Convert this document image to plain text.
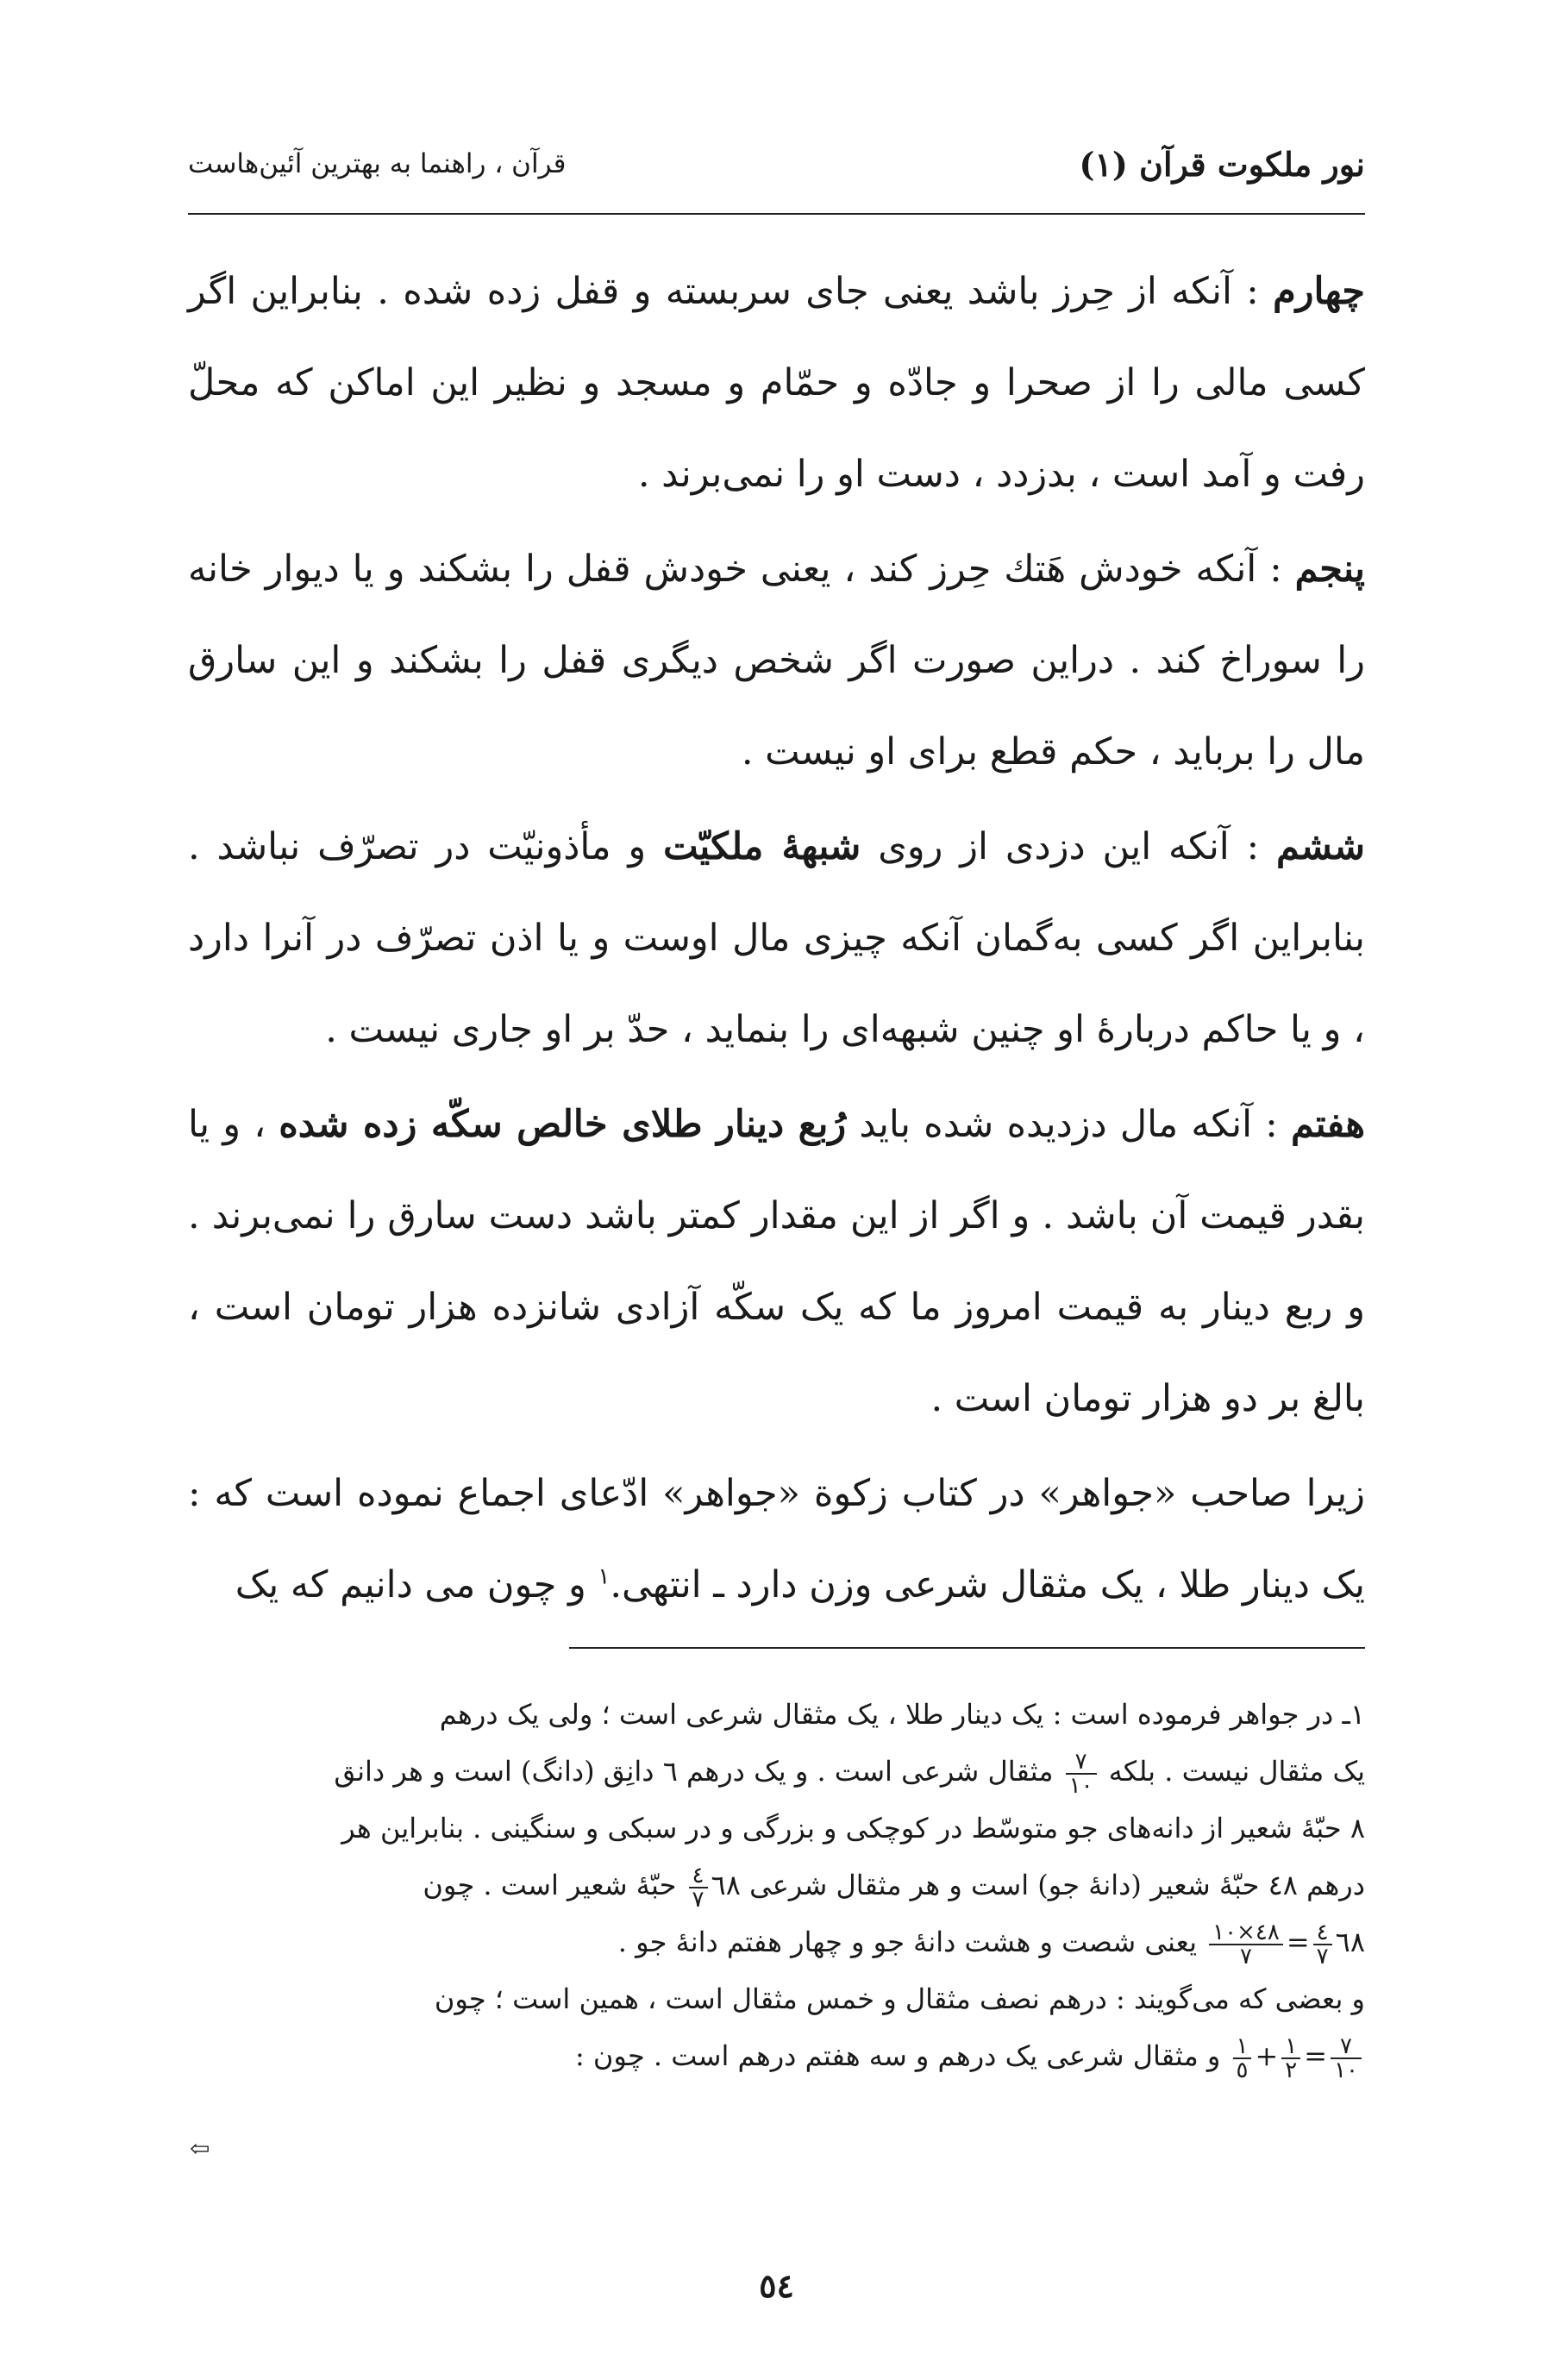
نور ملکوت قرآن (۱)
قرآن ، راهنما به بهترین آئین‌هاست

چهارم : آنکه از حِرز باشد یعنی جای سربسته و قفل زده شده . بنابراین اگر کسی مالی را از صحرا و جادّه و حمّام و مسجد و نظیر این اماکن که محلّ رفت و آمد است ، بدزدد ، دست او را نمی‌برند .

پنجم : آنکه خودش هَتك حِرز کند ، یعنی خودش قفل را بشکند و یا دیوار خانه را سوراخ کند . دراین صورت اگر شخص دیگری قفل را بشکند و این سارق مال را برباید ، حکم قطع برای او نیست .

ششم : آنکه این دزدی از روی شبههٔ ملکیّت و مأذونیّت در تصرّف نباشد . بنابراین اگر کسی به‌گمان آنکه چیزی مال اوست و یا اذن تصرّف در آنرا دارد ، و یا حاکم دربارهٔ او چنین شبهه‌ای را بنماید ، حدّ بر او جاری نیست .

هفتم : آنکه مال دزدیده شده باید رُبع دینار طلای خالص سکّه زده شده ، و یا بقدر قیمت آن باشد . و اگر از این مقدار کمتر باشد دست سارق را نمی‌برند . و ربع دینار به قیمت امروز ما که یک سکّه آزادی شانزده هزار تومان است ، بالغ بر دو هزار تومان است .

زیرا صاحب «جواهر» در کتاب زکوة «جواهر» ادّعای اجماع نموده است که : یک دینار طلا ، یک مثقال شرعی وزن دارد ـ انتهی.$^۱$ و چون می دانیم که یک

۱ـ در جواهر فرموده است : یک دینار طلا ، یک مثقال شرعی است ؛ ولی یک درهم

یک مثقال نیست . بلکه
$\frac{٧}{١٠}$
مثقال شرعی است . و یک درهم ٦ دانِق (دانگ) است و هر دانق

٨ حبّهٔ شعیر از دانه‌های جو متوسّط در کوچکی و بزرگی و در سبکی و سنگینی . بنابراین هر

درهم ٤٨ حبّهٔ شعیر (دانهٔ جو) است و هر مثقال شرعی ٦٨
$\frac{٤}{٧}$
حبّهٔ شعیر است . چون

٦٨
$\frac{٤}{٧}$
=
$\frac{٤٨\times ١٠}{٧}$
یعنی شصت و هشت دانهٔ جو و چهار هفتم دانهٔ جو .

و بعضی که می‌گویند : درهم نصف مثقال و خمس مثقال است ، همین است ؛ چون

$\frac{٧}{١٠}$
=
$\frac{١}{٢}$
+
$\frac{١}{٥}$
و مثقال شرعی یک درهم و سه هفتم درهم است . چون :

⇦
٥٤
